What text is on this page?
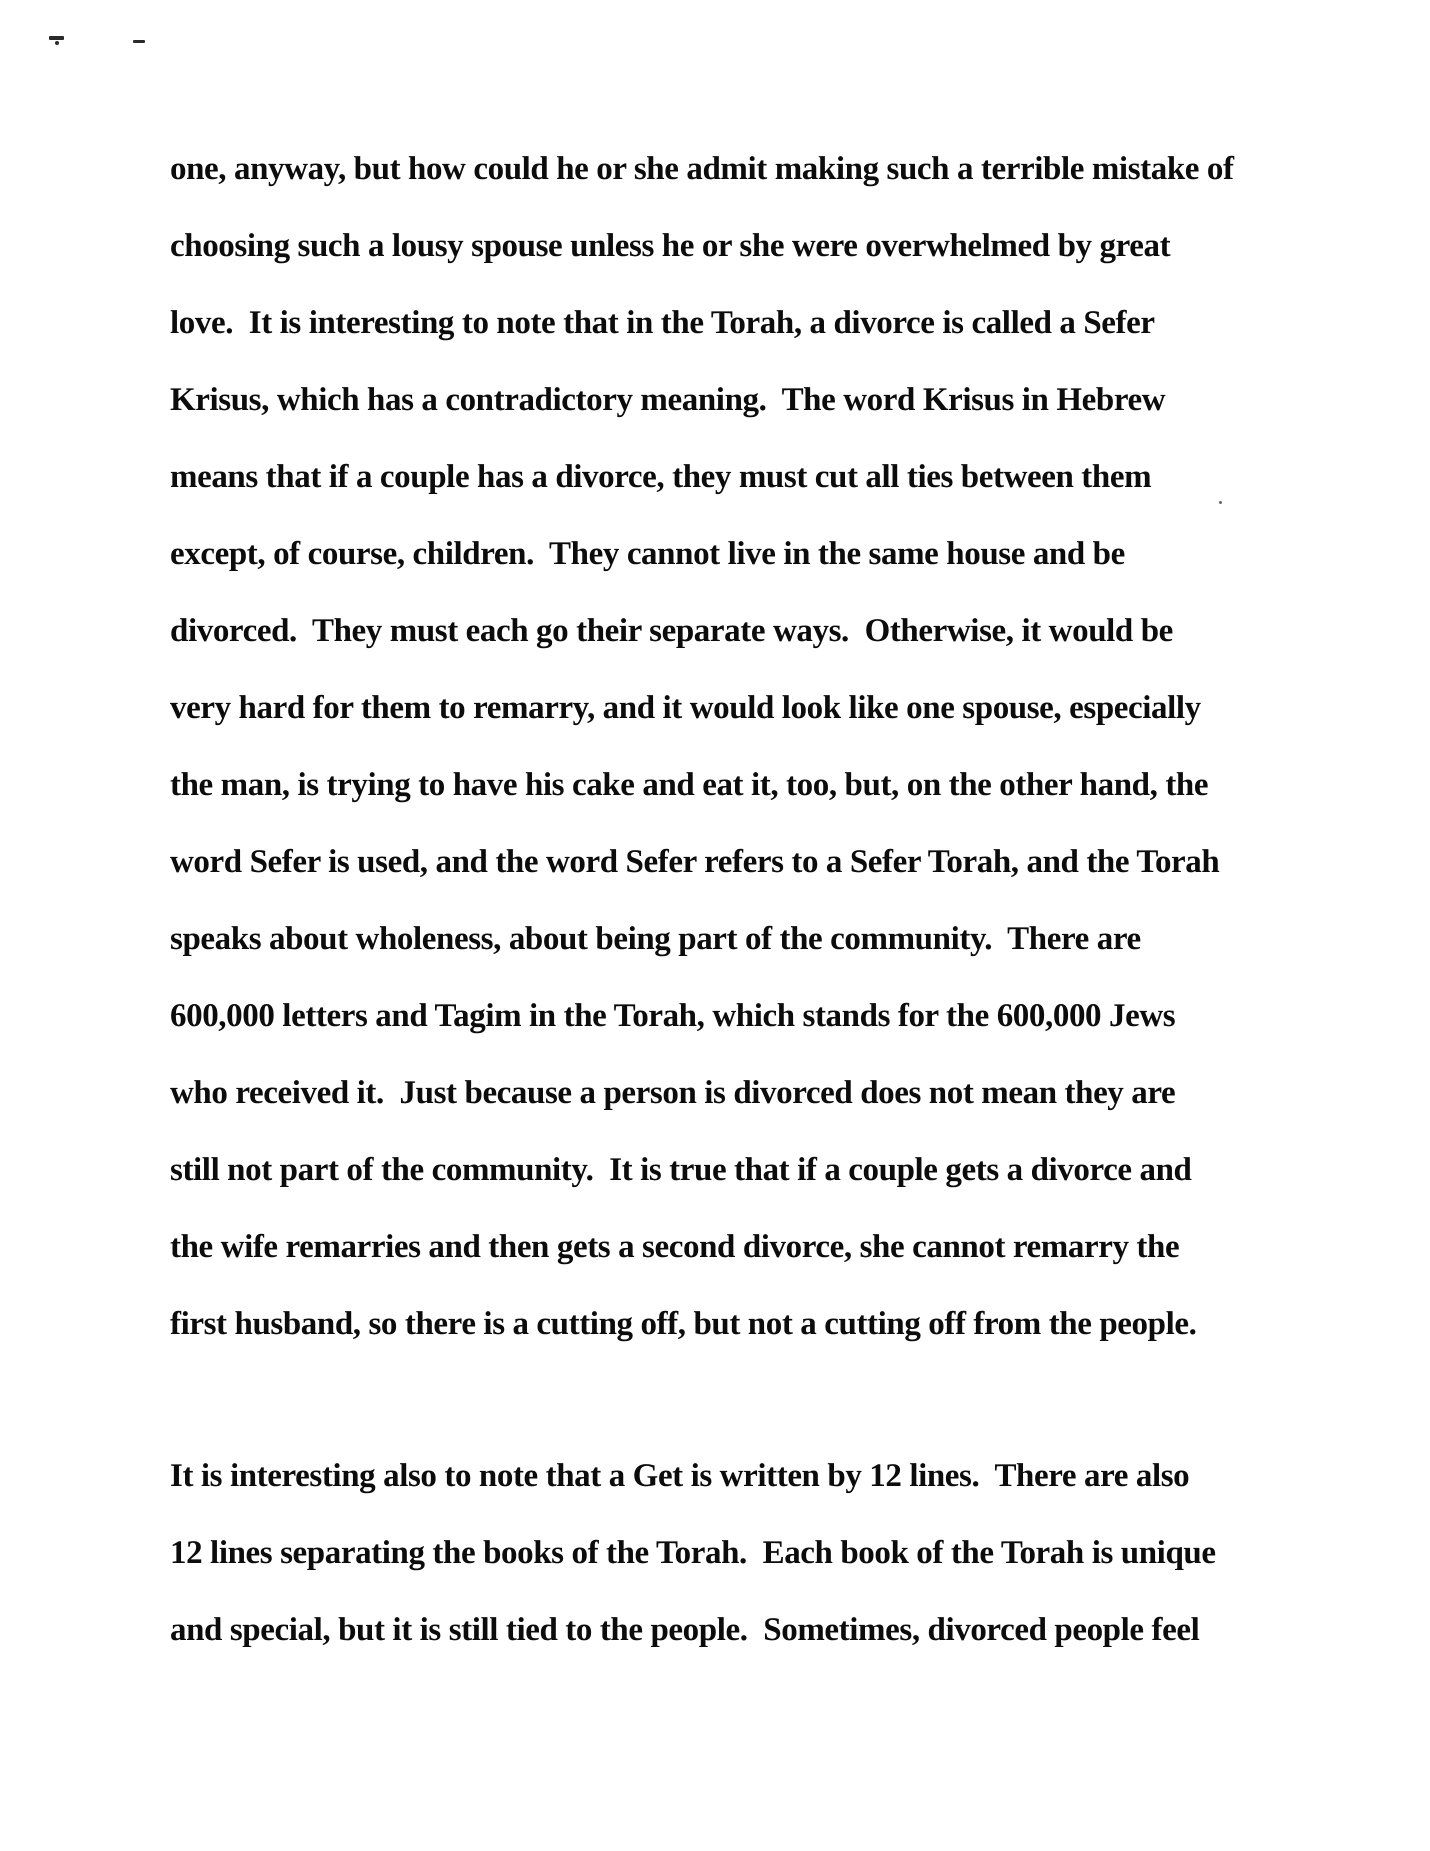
one, anyway, but how could he or she admit making such a terrible mistake of
choosing such a lousy spouse unless he or she were overwhelmed by great
love.  It is interesting to note that in the Torah, a divorce is called a Sefer
Krisus, which has a contradictory meaning.  The word Krisus in Hebrew
means that if a couple has a divorce, they must cut all ties between them
except, of course, children.  They cannot live in the same house and be
divorced.  They must each go their separate ways.  Otherwise, it would be
very hard for them to remarry, and it would look like one spouse, especially
the man, is trying to have his cake and eat it, too, but, on the other hand, the
word Sefer is used, and the word Sefer refers to a Sefer Torah, and the Torah
speaks about wholeness, about being part of the community.  There are
600,000 letters and Tagim in the Torah, which stands for the 600,000 Jews
who received it.  Just because a person is divorced does not mean they are
still not part of the community.  It is true that if a couple gets a divorce and
the wife remarries and then gets a second divorce, she cannot remarry the
first husband, so there is a cutting off, but not a cutting off from the people.
It is interesting also to note that a Get is written by 12 lines.  There are also
12 lines separating the books of the Torah.  Each book of the Torah is unique
and special, but it is still tied to the people.  Sometimes, divorced people feel
